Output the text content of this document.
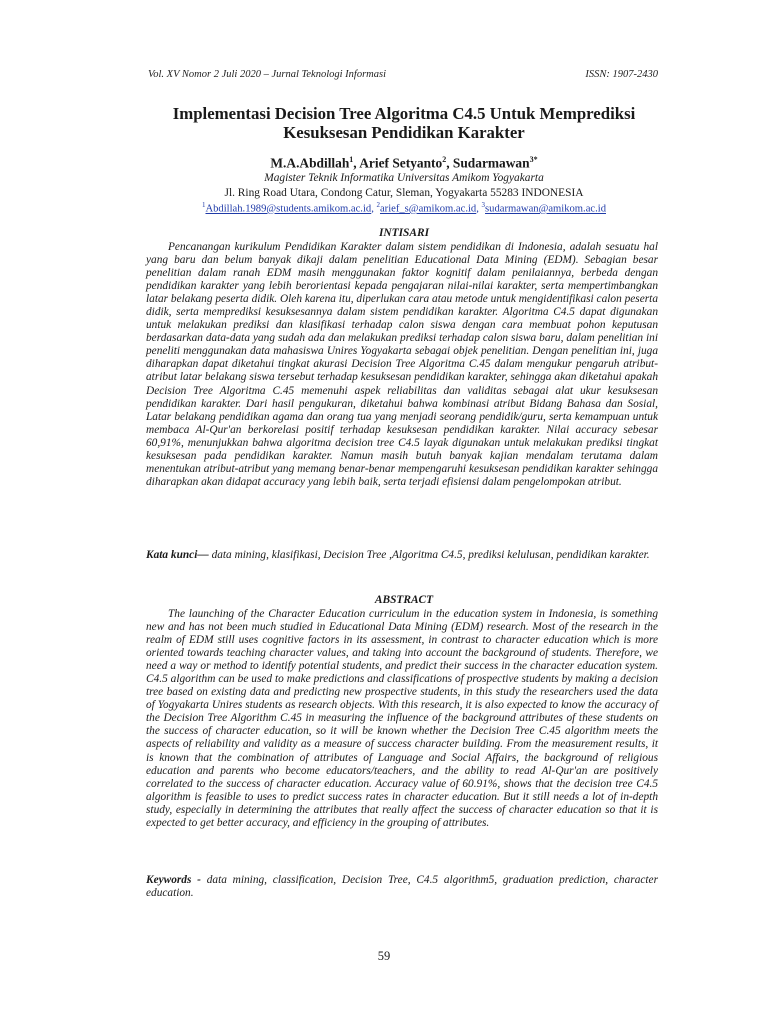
Vol. XV Nomor 2 Juli 2020 – Jurnal Teknologi Informasi	ISSN: 1907-2430
Implementasi Decision Tree Algoritma C4.5 Untuk Memprediksi
Kesuksesan Pendidikan Karakter
M.A.Abdillah$^1$, Arief Setyanto$^2$, Sudarmawan$^{3*}$
Magister Teknik Informatika Universitas Amikom Yogyakarta
Jl. Ring Road Utara, Condong Catur, Sleman, Yogyakarta 55283 INDONESIA
$^1$Abdillah.1989@students.amikom.ac.id, $^2$arief_s@amikom.ac.id, $^3$sudarmawan@amikom.ac.id
INTISARI

Pencanangan kurikulum Pendidikan Karakter dalam sistem pendidikan di Indonesia, adalah sesuatu hal yang baru dan belum banyak dikaji dalam penelitian Educational Data Mining (EDM). Sebagian besar penelitian dalam ranah EDM masih menggunakan faktor kognitif dalam penilaiannya, berbeda dengan pendidikan karakter yang lebih berorientasi kepada pengajaran nilai-nilai karakter, serta mempertimbangkan latar belakang peserta didik. Oleh karena itu, diperlukan cara atau metode untuk mengidentifikasi calon peserta didik, serta memprediksi kesuksesannya dalam sistem pendidikan karakter. Algoritma C4.5 dapat digunakan untuk melakukan prediksi dan klasifikasi terhadap calon siswa dengan cara membuat pohon keputusan berdasarkan data-data yang sudah ada dan melakukan prediksi terhadap calon siswa baru, dalam penelitian ini peneliti menggunakan data mahasiswa Unires Yogyakarta sebagai objek penelitian. Dengan penelitian ini, juga diharapkan dapat diketahui tingkat akurasi Decision Tree Algoritma C.45 dalam mengukur pengaruh atribut-atribut latar belakang siswa tersebut terhadap kesuksesan pendidikan karakter, sehingga akan diketahui apakah Decision Tree Algoritma C.45 memenuhi aspek reliabilitas dan validitas sebagai alat ukur kesuksesan pendidikan karakter. Dari hasil pengukuran, diketahui bahwa kombinasi atribut Bidang Bahasa dan Sosial, Latar belakang pendidikan agama dan orang tua yang menjadi seorang pendidik/guru, serta kemampuan untuk membaca Al-Qur'an berkorelasi positif terhadap kesuksesan pendidikan karakter. Nilai accuracy sebesar 60,91%, menunjukkan bahwa algoritma decision tree C4.5 layak digunakan untuk melakukan prediksi tingkat kesuksesan pada pendidikan karakter. Namun masih butuh banyak kajian mendalam terutama dalam menentukan atribut-atribut yang memang benar-benar mempengaruhi kesuksesan pendidikan karakter sehingga diharapkan akan didapat accuracy yang lebih baik, serta terjadi efisiensi dalam pengelompokan atribut.

Kata kunci— data mining, klasifikasi, Decision Tree ,Algoritma C4.5, prediksi kelulusan, pendidikan karakter.
ABSTRACT

The launching of the Character Education curriculum in the education system in Indonesia, is something new and has not been much studied in Educational Data Mining (EDM) research. Most of the research in the realm of EDM still uses cognitive factors in its assessment, in contrast to character education which is more oriented towards teaching character values, and taking into account the background of students. Therefore, we need a way or method to identify potential students, and predict their success in the character education system. C4.5 algorithm can be used to make predictions and classifications of prospective students by making a decision tree based on existing data and predicting new prospective students, in this study the researchers used the data of Yogyakarta Unires students as research objects. With this research, it is also expected to know the accuracy of the Decision Tree Algorithm C.45 in measuring the influence of the background attributes of these students on the success of character education, so it will be known whether the Decision Tree C.45 algorithm meets the aspects of reliability and validity as a measure of success character building. From the measurement results, it is known that the combination of attributes of Language and Social Affairs, the background of religious education and parents who become educators/teachers, and the ability to read Al-Qur'an are positively correlated to the success of character education. Accuracy value of 60.91%, shows that the decision tree C4.5 algorithm is feasible to uses to predict success rates in character education. But it still needs a lot of in-depth study, especially in determining the attributes that really affect the success of character education so that it is expected to get better accuracy, and efficiency in the grouping of attributes.

Keywords - data mining, classification, Decision Tree, C4.5 algorithm5, graduation prediction, character education.
59
